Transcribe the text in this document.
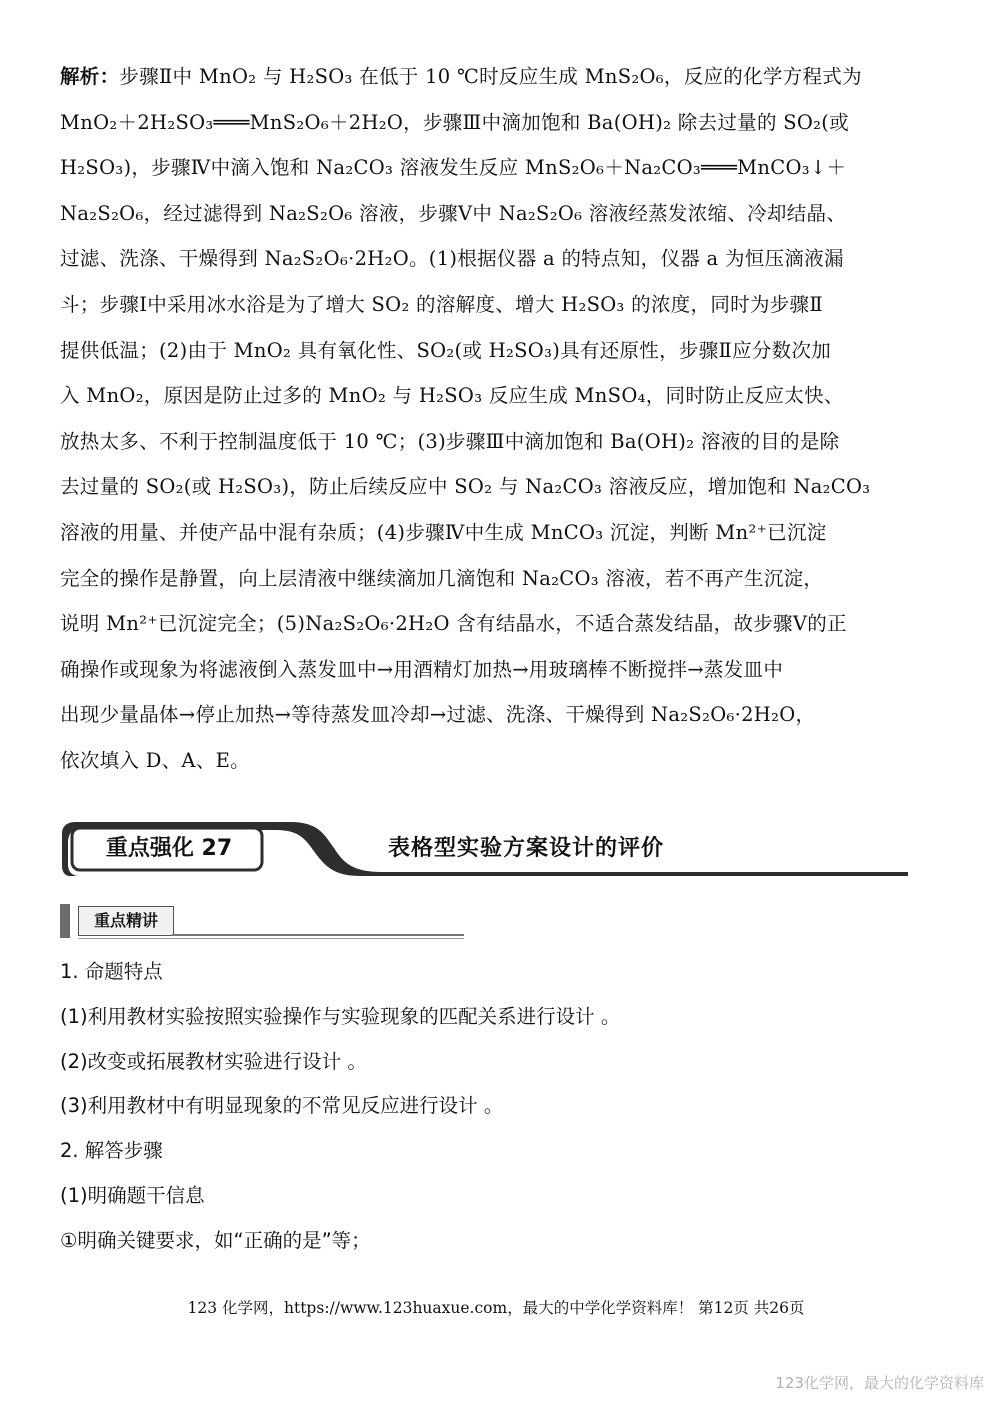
解析：步骤Ⅱ中 MnO₂ 与 H₂SO₃ 在低于 10 ℃时反应生成 MnS₂O₆，反应的化学方程式为
MnO₂＋2H₂SO₃═══MnS₂O₆＋2H₂O，步骤Ⅲ中滴加饱和 Ba(OH)₂ 除去过量的 SO₂(或
H₂SO₃)，步骤Ⅳ中滴入饱和 Na₂CO₃ 溶液发生反应 MnS₂O₆＋Na₂CO₃═══MnCO₃↓＋
Na₂S₂O₆，经过滤得到 Na₂S₂O₆ 溶液，步骤Ⅴ中 Na₂S₂O₆ 溶液经蒸发浓缩、冷却结晶、
过滤、洗涤、干燥得到 Na₂S₂O₆·2H₂O。(1)根据仪器 a 的特点知，仪器 a 为恒压滴液漏
斗；步骤Ⅰ中采用冰水浴是为了增大 SO₂ 的溶解度、增大 H₂SO₃ 的浓度，同时为步骤Ⅱ
提供低温；(2)由于 MnO₂ 具有氧化性、SO₂(或 H₂SO₃)具有还原性，步骤Ⅱ应分数次加
入 MnO₂，原因是防止过多的 MnO₂ 与 H₂SO₃ 反应生成 MnSO₄，同时防止反应太快、
放热太多、不利于控制温度低于 10 ℃；(3)步骤Ⅲ中滴加饱和 Ba(OH)₂ 溶液的目的是除
去过量的 SO₂(或 H₂SO₃)，防止后续反应中 SO₂ 与 Na₂CO₃ 溶液反应，增加饱和 Na₂CO₃
溶液的用量、并使产品中混有杂质；(4)步骤Ⅳ中生成 MnCO₃ 沉淀，判断 Mn²⁺已沉淀
完全的操作是静置，向上层清液中继续滴加几滴饱和 Na₂CO₃ 溶液，若不再产生沉淀，
说明 Mn²⁺已沉淀完全；(5)Na₂S₂O₆·2H₂O 含有结晶水，不适合蒸发结晶，故步骤Ⅴ的正
确操作或现象为将滤液倒入蒸发皿中→用酒精灯加热→用玻璃棒不断搅拌→蒸发皿中
出现少量晶体→停止加热→等待蒸发皿冷却→过滤、洗涤、干燥得到 Na₂S₂O₆·2H₂O，
依次填入 D、A、E。
重点强化 27	表格型实验方案设计的评价
重点精讲
1. 命题特点
(1)利用教材实验按照实验操作与实验现象的匹配关系进行设计 。
(2)改变或拓展教材实验进行设计 。
(3)利用教材中有明显现象的不常见反应进行设计 。
2. 解答步骤
(1)明确题干信息
①明确关键要求，如“正确的是”等；
123 化学网，https://www.123huaxue.com，最大的中学化学资料库！ 第12页 共26页
123化学网，最大的化学资料库
